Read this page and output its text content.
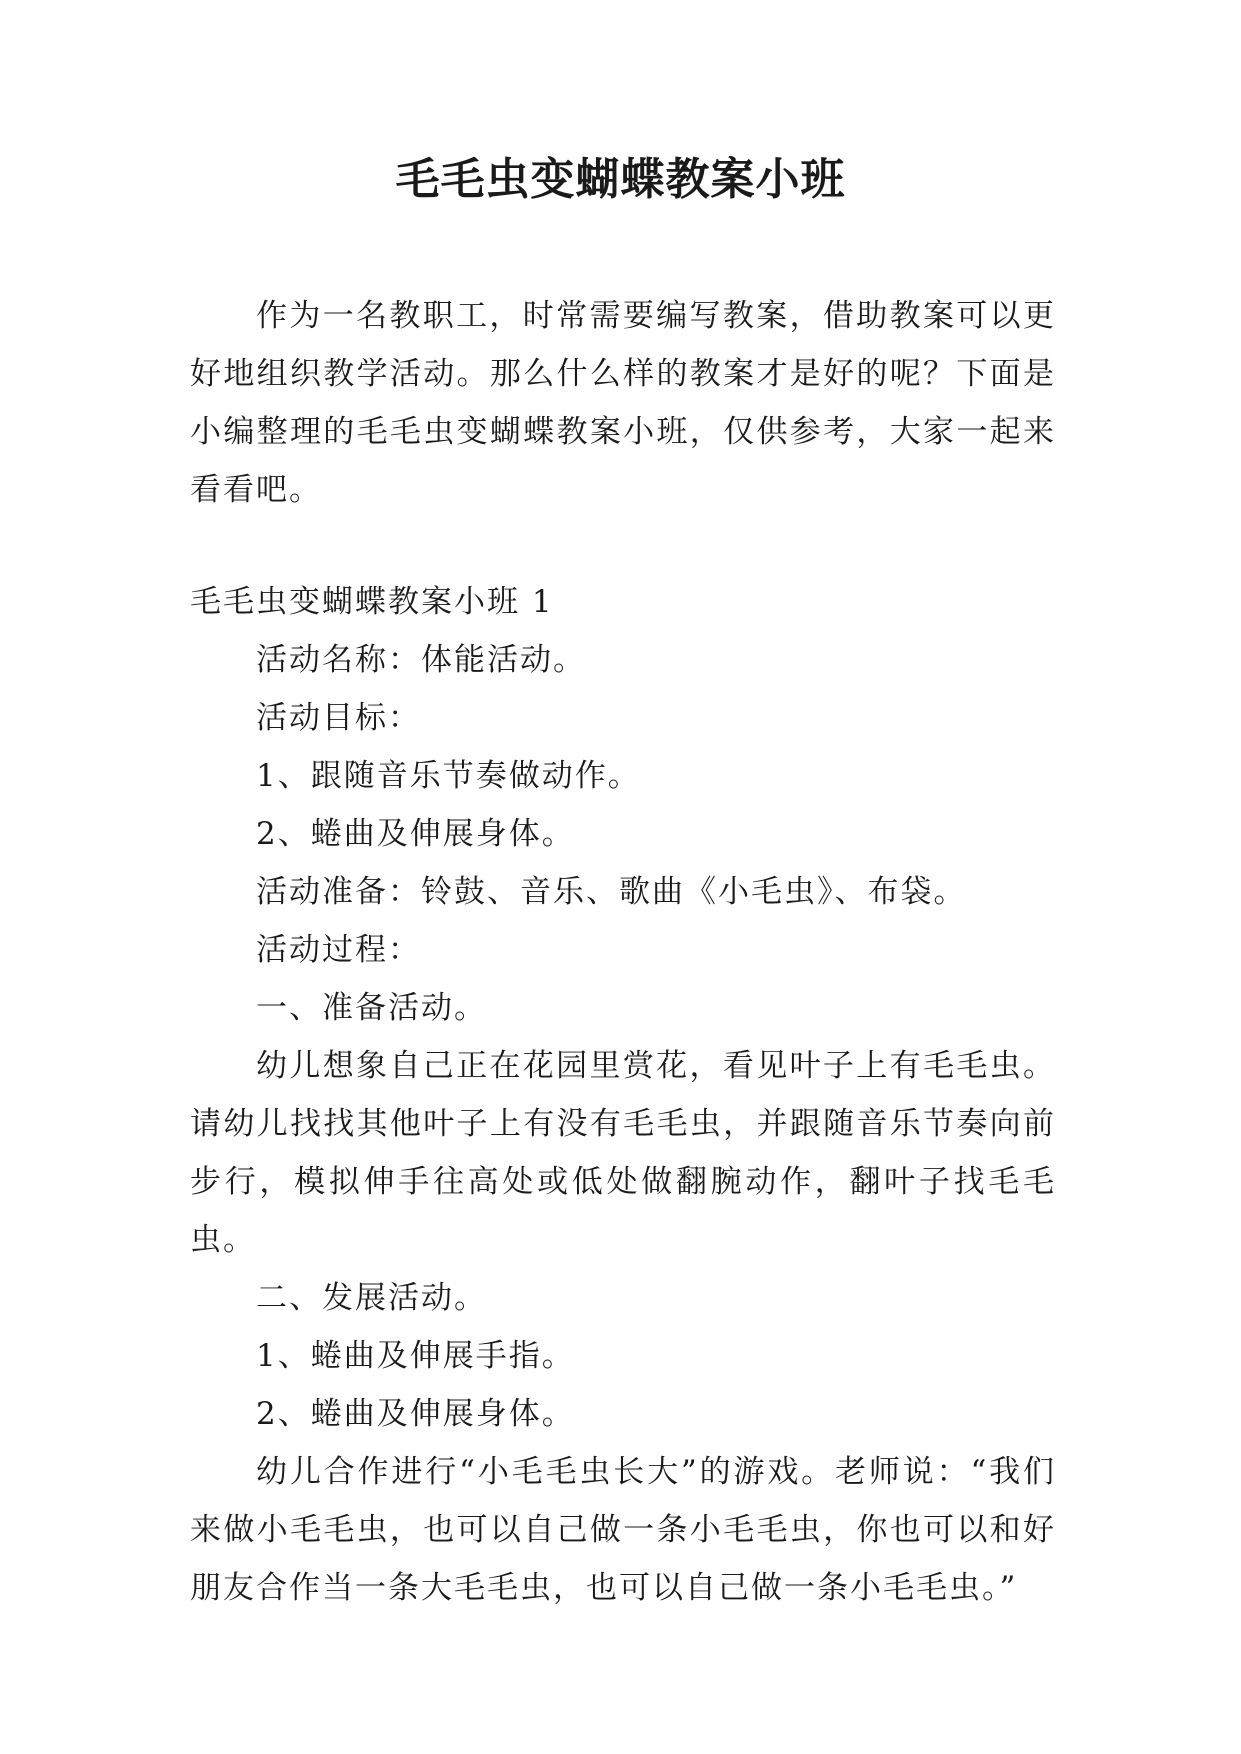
毛毛虫变蝴蝶教案小班

作为一名教职工，时常需要编写教案，借助教案可以更好地组织教学活动。那么什么样的教案才是好的呢？下面是小编整理的毛毛虫变蝴蝶教案小班，仅供参考，大家一起来看看吧。

毛毛虫变蝴蝶教案小班 1

活动名称：体能活动。

活动目标：

1、跟随音乐节奏做动作。

2、蜷曲及伸展身体。

活动准备：铃鼓、音乐、歌曲《小毛虫》、布袋。

活动过程：

一、准备活动。

幼儿想象自己正在花园里赏花，看见叶子上有毛毛虫。请幼儿找找其他叶子上有没有毛毛虫，并跟随音乐节奏向前步行，模拟伸手往高处或低处做翻腕动作，翻叶子找毛毛虫。

二、发展活动。

1、蜷曲及伸展手指。

2、蜷曲及伸展身体。

幼儿合作进行“小毛毛虫长大”的游戏。老师说：“我们来做小毛毛虫，也可以自己做一条小毛毛虫，你也可以和好朋友合作当一条大毛毛虫，也可以自己做一条小毛毛虫。”
